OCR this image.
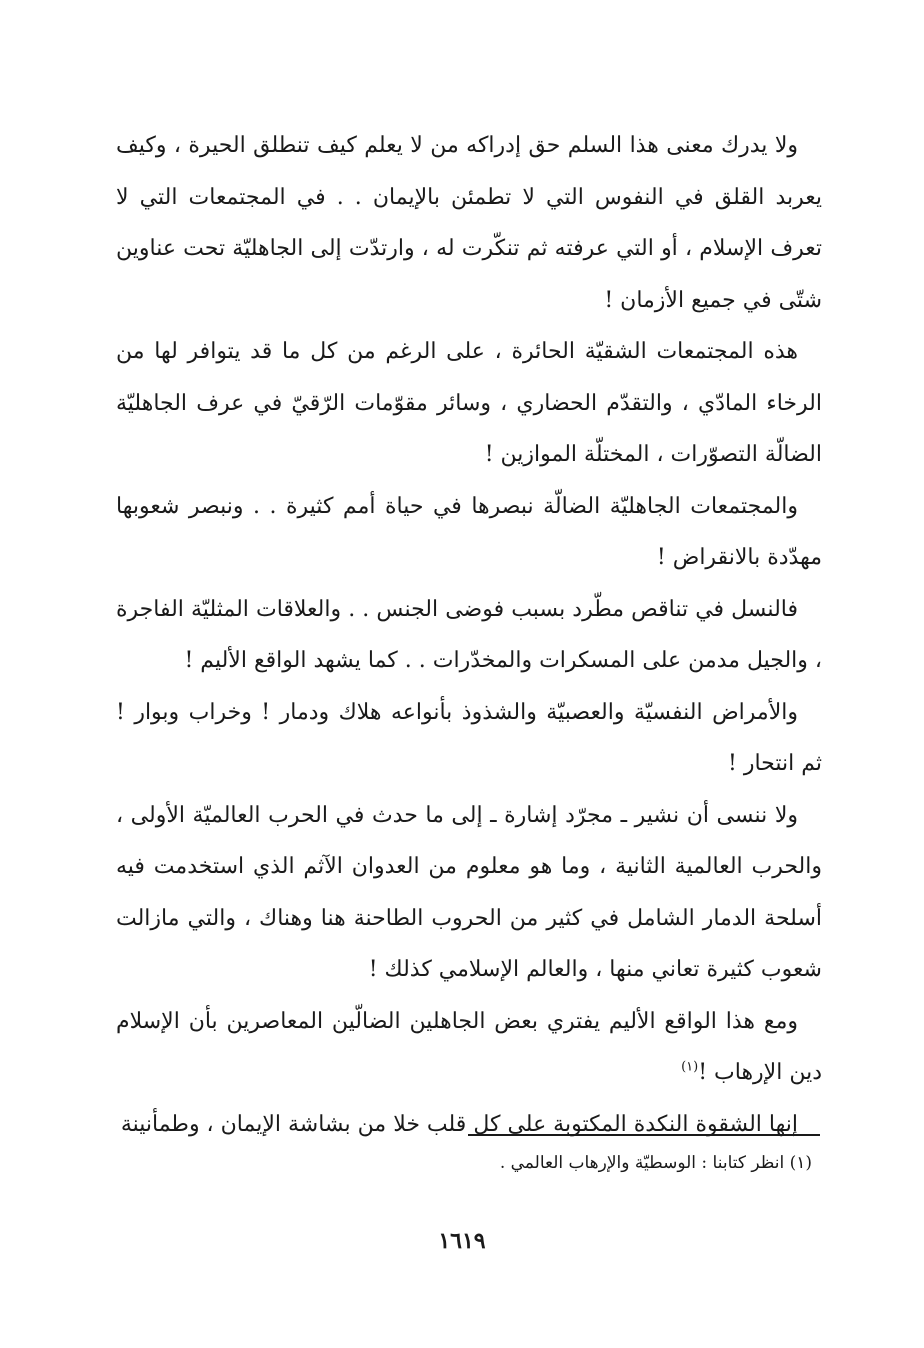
ولا يدرك معنى هذا السلم حق إدراكه من لا يعلم كيف تنطلق الحيرة ، وكيف يعربد القلق في النفوس التي لا تطمئن بالإيمان . . في المجتمعات التي لا تعرف الإسلام ، أو التي عرفته ثم تنكّرت له ، وارتدّت إلى الجاهليّة تحت عناوين شتّى في جميع الأزمان !

هذه المجتمعات الشقيّة الحائرة ، على الرغم من كل ما قد يتوافر لها من الرخاء المادّي ، والتقدّم الحضاري ، وسائر مقوّمات الرّقيّ في عرف الجاهليّة الضالّة التصوّرات ، المختلّة الموازين !

والمجتمعات الجاهليّة الضالّة نبصرها في حياة أمم كثيرة . . ونبصر شعوبها مهدّدة بالانقراض !

فالنسل في تناقص مطّرد بسبب فوضى الجنس . . والعلاقات المثليّة الفاجرة ، والجيل مدمن على المسكرات والمخدّرات . . كما يشهد الواقع الأليم !

والأمراض النفسيّة والعصبيّة والشذوذ بأنواعه هلاك ودمار ! وخراب وبوار ! ثم انتحار !

ولا ننسى أن نشير ـ مجرّد إشارة ـ إلى ما حدث في الحرب العالميّة الأولى ، والحرب العالمية الثانية ، وما هو معلوم من العدوان الآثم الذي استخدمت فيه أسلحة الدمار الشامل في كثير من الحروب الطاحنة هنا وهناك ، والتي مازالت شعوب كثيرة تعاني منها ، والعالم الإسلامي كذلك !

ومع هذا الواقع الأليم يفتري بعض الجاهلين الضالّين المعاصرين بأن الإسلام دين الإرهاب !$^{(١)}$

إنها الشقوة النكدة المكتوبة على كل قلب خلا من بشاشة الإيمان ، وطمأنينة

(١) انظر كتابنا : الوسطيّة والإرهاب العالمي .
١٦١٩
